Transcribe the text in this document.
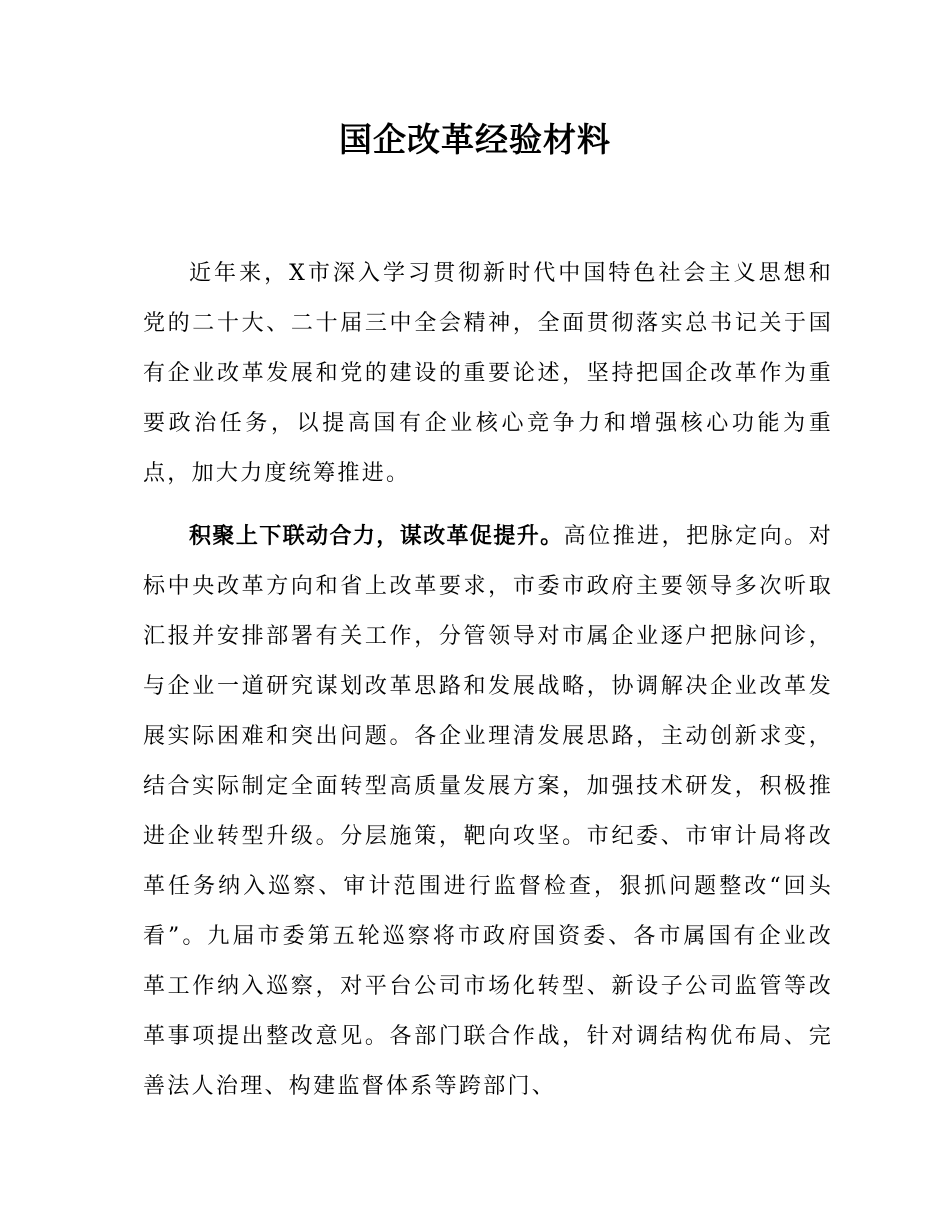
国企改革经验材料

近年来，X市深入学习贯彻新时代中国特色社会主义思想和党的二十大、二十届三中全会精神，全面贯彻落实总书记关于国有企业改革发展和党的建设的重要论述，坚持把国企改革作为重要政治任务，以提高国有企业核心竞争力和增强核心功能为重点，加大力度统筹推进。

积聚上下联动合力，谋改革促提升。高位推进，把脉定向。对标中央改革方向和省上改革要求，市委市政府主要领导多次听取汇报并安排部署有关工作，分管领导对市属企业逐户把脉问诊，与企业一道研究谋划改革思路和发展战略，协调解决企业改革发展实际困难和突出问题。各企业理清发展思路，主动创新求变，结合实际制定全面转型高质量发展方案，加强技术研发，积极推进企业转型升级。分层施策，靶向攻坚。市纪委、市审计局将改革任务纳入巡察、审计范围进行监督检查，狠抓问题整改“回头看”。九届市委第五轮巡察将市政府国资委、各市属国有企业改革工作纳入巡察，对平台公司市场化转型、新设子公司监管等改革事项提出整改意见。各部门联合作战，针对调结构优布局、完善法人治理、构建监督体系等跨部门、
